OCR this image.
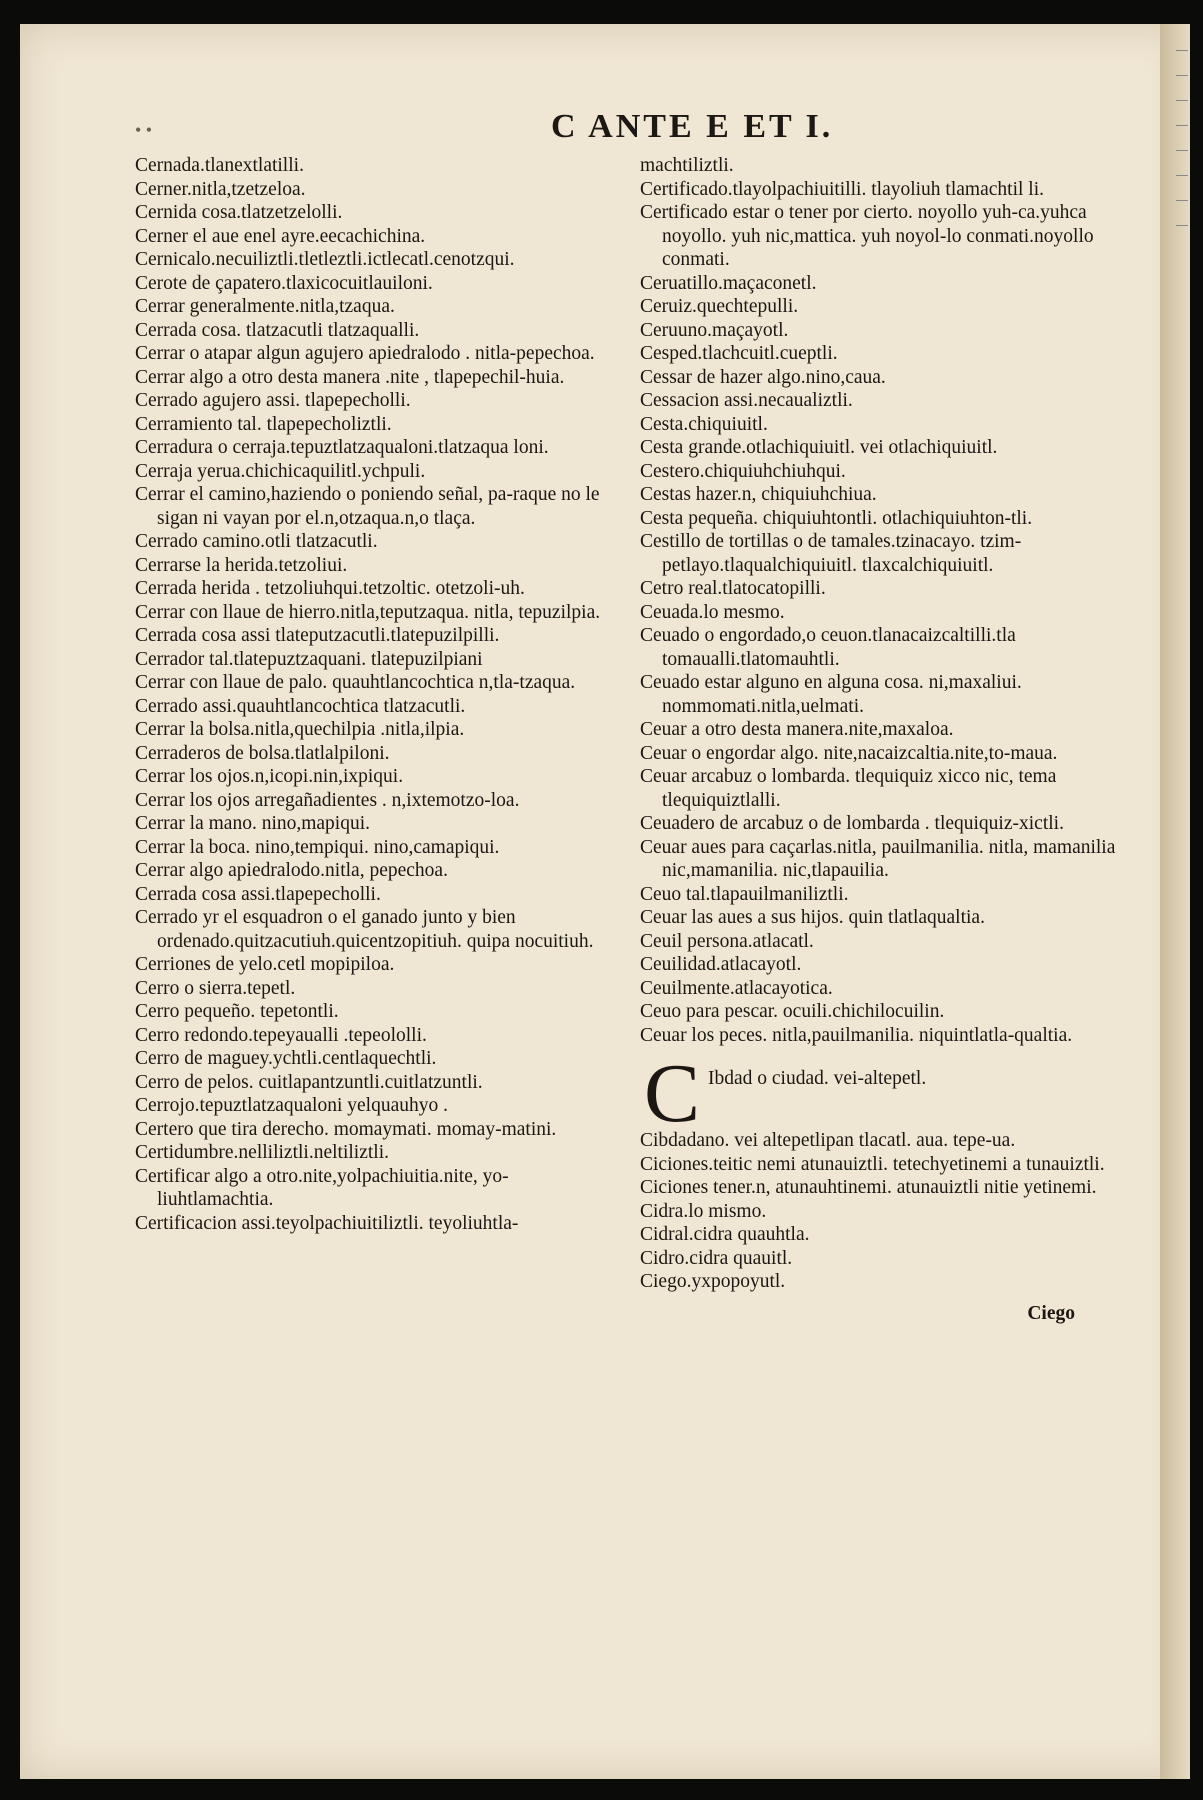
• •	C ANTE E ET I.

Cernada.tlanextlatilli.

Cerner.nitla,tzetzeloa.

Cernida cosa.tlatzetzelolli.

Cerner el aue enel ayre.eecachichina.

Cernicalo.necuiliztli.tletleztli.ictlecatl.cenotzqui.

Cerote de çapatero.tlaxicocuitlauiloni.

Cerrar generalmente.nitla,tzaqua.

Cerrada cosa. tlatzacutli tlatzaqualli.

Cerrar o atapar algun agujero apiedralodo . nitla-pepechoa.

Cerrar algo a otro desta manera .nite , tlapepechil-huia.

Cerrado agujero assi. tlapepecholli.

Cerramiento tal. tlapepecholiztli.

Cerradura o cerraja.tepuztlatzaqualoni.tlatzaqua loni.

Cerraja yerua.chichicaquilitl.ychpuli.

Cerrar el camino,haziendo o poniendo señal, pa-raque no le sigan ni vayan por el.n,otzaqua.n,o tlaça.

Cerrado camino.otli tlatzacutli.

Cerrarse la herida.tetzoliui.

Cerrada herida . tetzoliuhqui.tetzoltic. otetzoli-uh.

Cerrar con llaue de hierro.nitla,teputzaqua. nitla, tepuzilpia.

Cerrada cosa assi tlateputzacutli.tlatepuzilpilli.

Cerrador tal.tlatepuztzaquani. tlatepuzilpiani

Cerrar con llaue de palo. quauhtlancochtica n,tla-tzaqua.

Cerrado assi.quauhtlancochtica tlatzacutli.

Cerrar la bolsa.nitla,quechilpia .nitla,ilpia.

Cerraderos de bolsa.tlatlalpiloni.

Cerrar los ojos.n,icopi.nin,ixpiqui.

Cerrar los ojos arregañadientes . n,ixtemotzo-loa.

Cerrar la mano. nino,mapiqui.

Cerrar la boca. nino,tempiqui. nino,camapiqui.

Cerrar algo apiedralodo.nitla, pepechoa.

Cerrada cosa assi.tlapepecholli.

Cerrado yr el esquadron o el ganado junto y bien ordenado.quitzacutiuh.quicentzopitiuh. quipa nocuitiuh.

Cerriones de yelo.cetl mopipiloa.

Cerro o sierra.tepetl.

Cerro pequeño. tepetontli.

Cerro redondo.tepeyaualli .tepeololli.

Cerro de maguey.ychtli.centlaquechtli.

Cerro de pelos. cuitlapantzuntli.cuitlatzuntli.

Cerrojo.tepuztlatzaqualoni yelquauhyo .

Certero que tira derecho. momaymati. momay-matini.

Certidumbre.nelliliztli.neltiliztli.

Certificar algo a otro.nite,yolpachiuitia.nite, yo-liuhtlamachtia.

Certificacion assi.teyolpachiuitiliztli. teyoliuhtla-

machtiliztli.

Certificado.tlayolpachiuitilli. tlayoliuh tlamachtil li.

Certificado estar o tener por cierto. noyollo yuh-ca.yuhca noyollo. yuh nic,mattica. yuh noyol-lo conmati.noyollo conmati.

Ceruatillo.maçaconetl.

Ceruiz.quechtepulli.

Ceruuno.maçayotl.

Cesped.tlachcuitl.cueptli.

Cessar de hazer algo.nino,caua.

Cessacion assi.necaualiztli.

Cesta.chiquiuitl.

Cesta grande.otlachiquiuitl. vei otlachiquiuitl.

Cestero.chiquiuhchiuhqui.

Cestas hazer.n, chiquiuhchiua.

Cesta pequeña. chiquiuhtontli. otlachiquiuhton-tli.

Cestillo de tortillas o de tamales.tzinacayo. tzim-petlayo.tlaqualchiquiuitl. tlaxcalchiquiuitl.

Cetro real.tlatocatopilli.

Ceuada.lo mesmo.

Ceuado o engordado,o ceuon.tlanacaizcaltilli.tla tomaualli.tlatomauhtli.

Ceuado estar alguno en alguna cosa. ni,maxaliui. nommomati.nitla,uelmati.

Ceuar a otro desta manera.nite,maxaloa.

Ceuar o engordar algo. nite,nacaizcaltia.nite,to-maua.

Ceuar arcabuz o lombarda. tlequiquiz xicco nic, tema tlequiquiztlalli.

Ceuadero de arcabuz o de lombarda . tlequiquiz-xictli.

Ceuar aues para caçarlas.nitla, pauilmanilia. nitla, mamanilia nic,mamanilia. nic,tlapauilia.

Ceuo tal.tlapauilmaniliztli.

Ceuar las aues a sus hijos. quin tlatlaqualtia.

Ceuil persona.atlacatl.

Ceuilidad.atlacayotl.

Ceuilmente.atlacayotica.

Ceuo para pescar. ocuili.chichilocuilin.

Ceuar los peces. nitla,pauilmanilia. niquintlatla-qualtia.

C Ibdad o ciudad. vei-altepetl.

Cibdadano. vei altepetlipan tlacatl. aua. tepe-ua.

Ciciones.teitic nemi atunauiztli. tetechyetinemi a tunauiztli.

Ciciones tener.n, atunauhtinemi. atunauiztli nitie yetinemi.

Cidra.lo mismo.

Cidral.cidra quauhtla.

Cidro.cidra quauitl.

Ciego.yxpopoyutl.

Ciego
